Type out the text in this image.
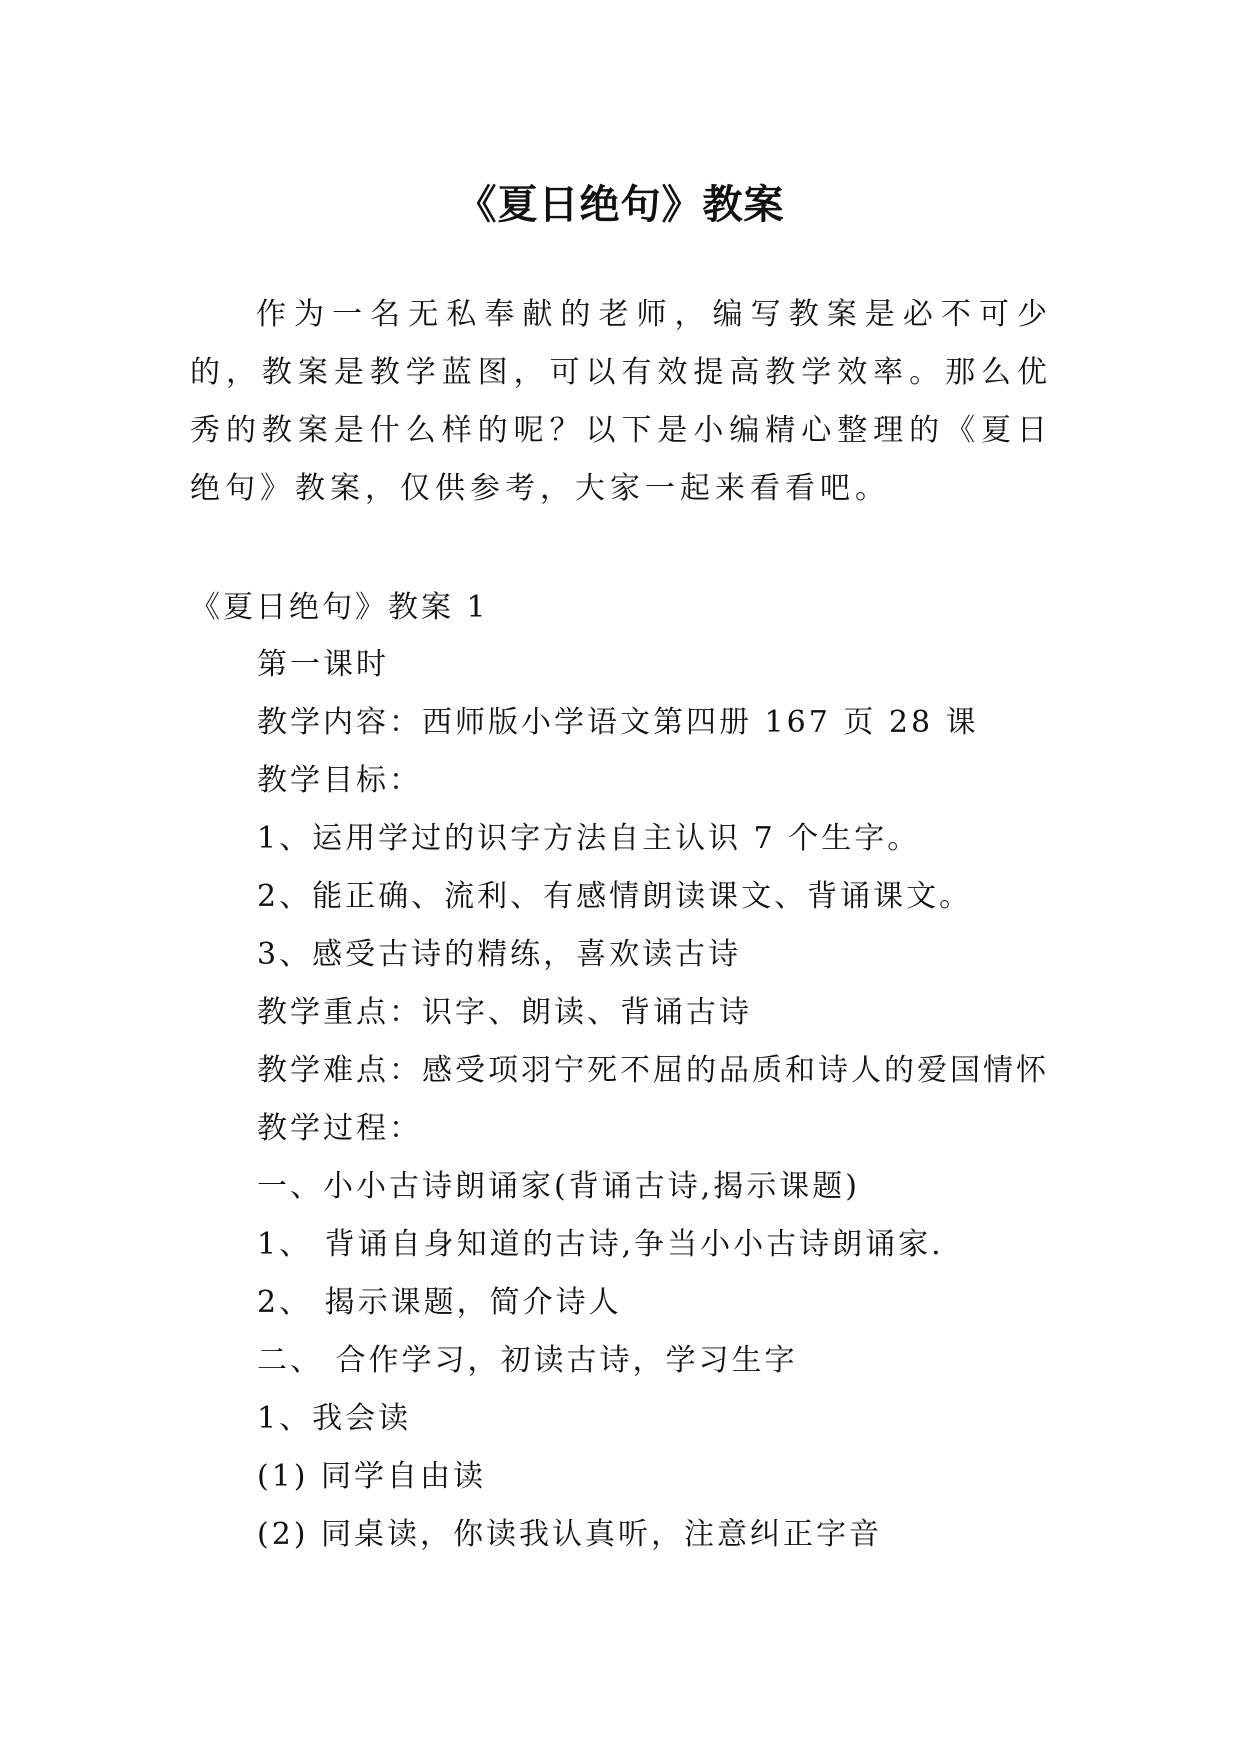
《夏日绝句》教案

作为一名无私奉献的老师，编写教案是必不可少的，教案是教学蓝图，可以有效提高教学效率。那么优秀的教案是什么样的呢？以下是小编精心整理的《夏日绝句》教案，仅供参考，大家一起来看看吧。

《夏日绝句》教案 1

第一课时
教学内容：西师版小学语文第四册 167 页 28 课
教学目标：
1、运用学过的识字方法自主认识 7 个生字。
2、能正确、流利、有感情朗读课文、背诵课文。
3、感受古诗的精练，喜欢读古诗
教学重点：识字、朗读、背诵古诗
教学难点：感受项羽宁死不屈的品质和诗人的爱国情怀
教学过程：
一、小小古诗朗诵家(背诵古诗,揭示课题)
1、 背诵自身知道的古诗,争当小小古诗朗诵家.
2、 揭示课题，简介诗人
二、 合作学习，初读古诗，学习生字
1、我会读
(1) 同学自由读
(2) 同桌读，你读我认真听，注意纠正字音
